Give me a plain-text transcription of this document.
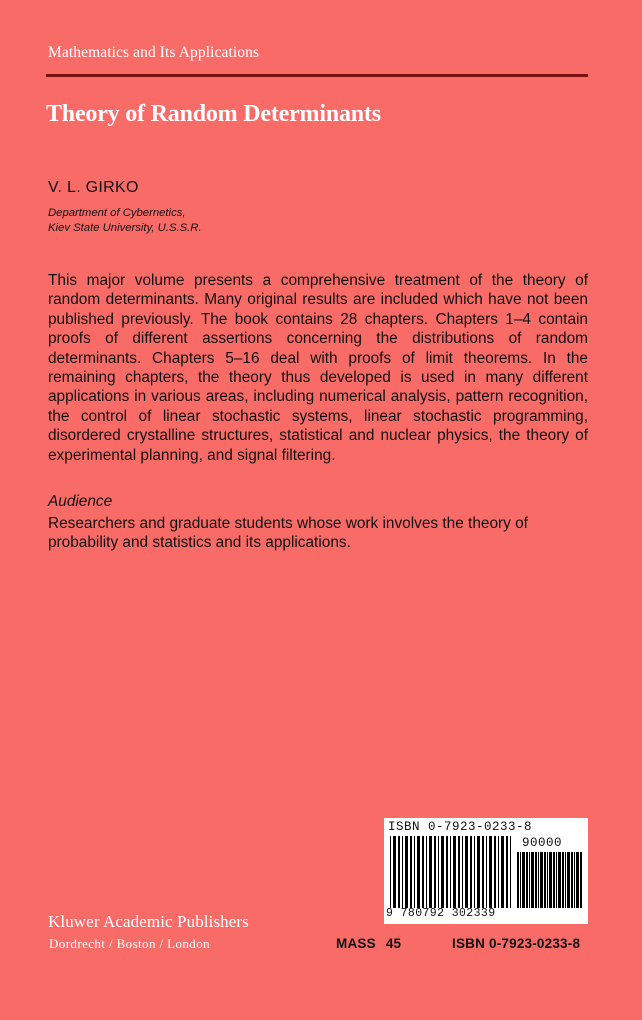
Mathematics and Its Applications
Theory of Random Determinants
V. L. GIRKO
Department of Cybernetics,
Kiev State University, U.S.S.R.
This major volume presents a comprehensive treatment of the theory of random determinants. Many original results are included which have not been published previously. The book contains 28 chapters. Chapters 1–4 contain proofs of different assertions concerning the distributions of random determinants. Chapters 5–16 deal with proofs of limit theorems. In the remaining chapters, the theory thus developed is used in many different applications in various areas, including numerical analysis, pattern recognition, the control of linear stochastic systems, linear stochastic programming, disordered crystalline structures, statistical and nuclear physics, the theory of experimental planning, and signal filtering.
Audience
Researchers and graduate students whose work involves the theory of probability and statistics and its applications.
ISBN 0-7923-0233-8
90000
9 780792 302339
Kluwer Academic Publishers
Dordrecht / Boston / London	MASS 45	ISBN 0-7923-0233-8
